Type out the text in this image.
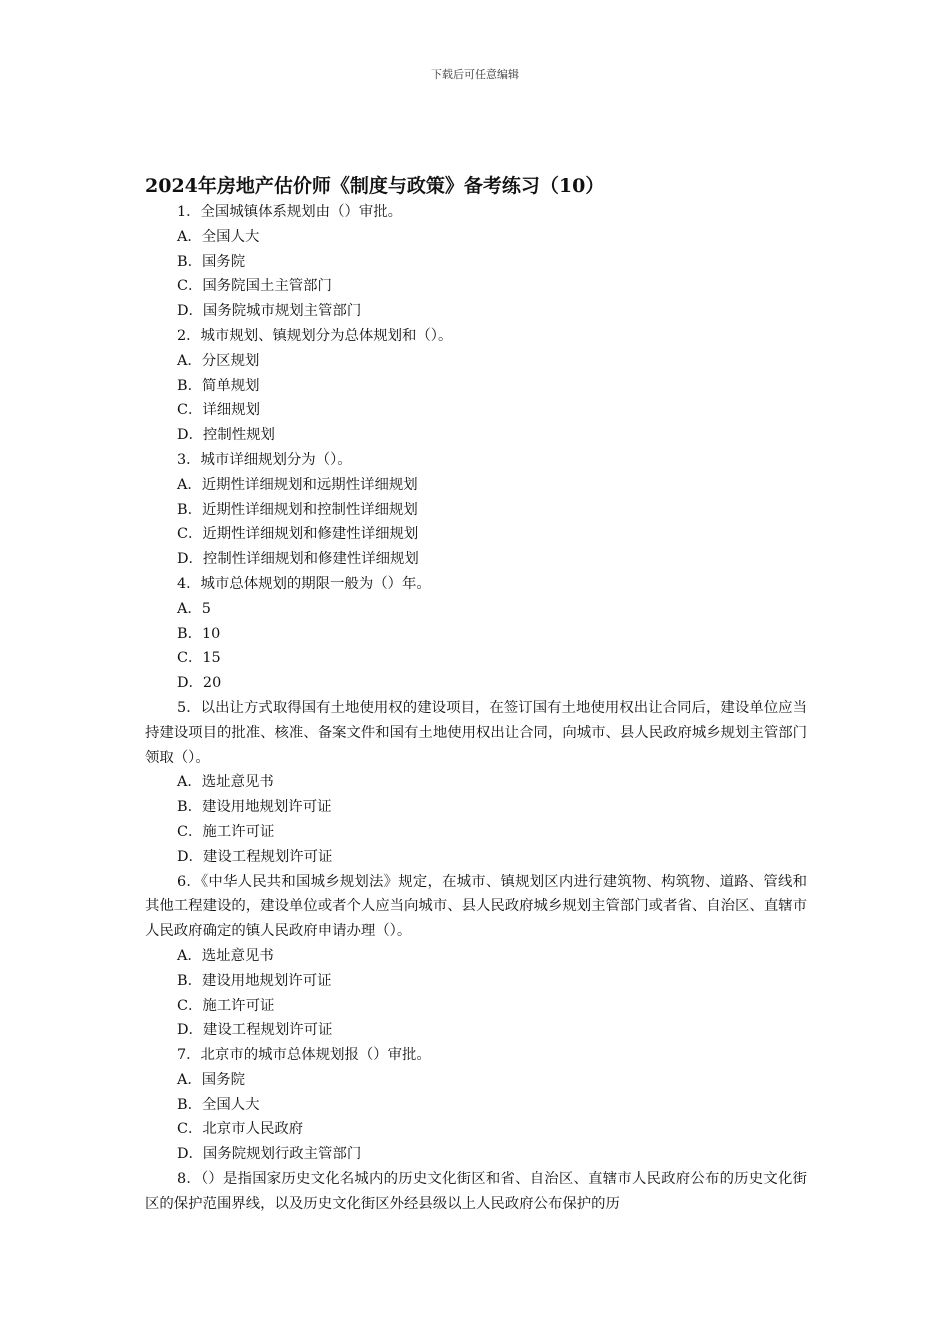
下载后可任意编辑
2024年房地产估价师《制度与政策》备考练习（10）

1．全国城镇体系规划由（）审批。

A．全国人大

B．国务院

C．国务院国土主管部门

D．国务院城市规划主管部门

2．城市规划、镇规划分为总体规划和（）。

A．分区规划

B．简单规划

C．详细规划

D．控制性规划

3．城市详细规划分为（）。

A．近期性详细规划和远期性详细规划

B．近期性详细规划和控制性详细规划

C．近期性详细规划和修建性详细规划

D．控制性详细规划和修建性详细规划

4．城市总体规划的期限一般为（）年。

A．5

B．10

C．15

D．20

5．以出让方式取得国有土地使用权的建设项目，在签订国有土地使用权出让合同后，建设单位应当持建设项目的批准、核准、备案文件和国有土地使用权出让合同，向城市、县人民政府城乡规划主管部门领取（）。

A．选址意见书

B．建设用地规划许可证

C．施工许可证

D．建设工程规划许可证

6．《中华人民共和国城乡规划法》规定，在城市、镇规划区内进行建筑物、构筑物、道路、管线和其他工程建设的，建设单位或者个人应当向城市、县人民政府城乡规划主管部门或者省、自治区、直辖市人民政府确定的镇人民政府申请办理（）。

A．选址意见书

B．建设用地规划许可证

C．施工许可证

D．建设工程规划许可证

7．北京市的城市总体规划报（）审批。

A．国务院

B．全国人大

C．北京市人民政府

D．国务院规划行政主管部门

8．（）是指国家历史文化名城内的历史文化街区和省、自治区、直辖市人民政府公布的历史文化街区的保护范围界线，以及历史文化街区外经县级以上人民政府公布保护的历
